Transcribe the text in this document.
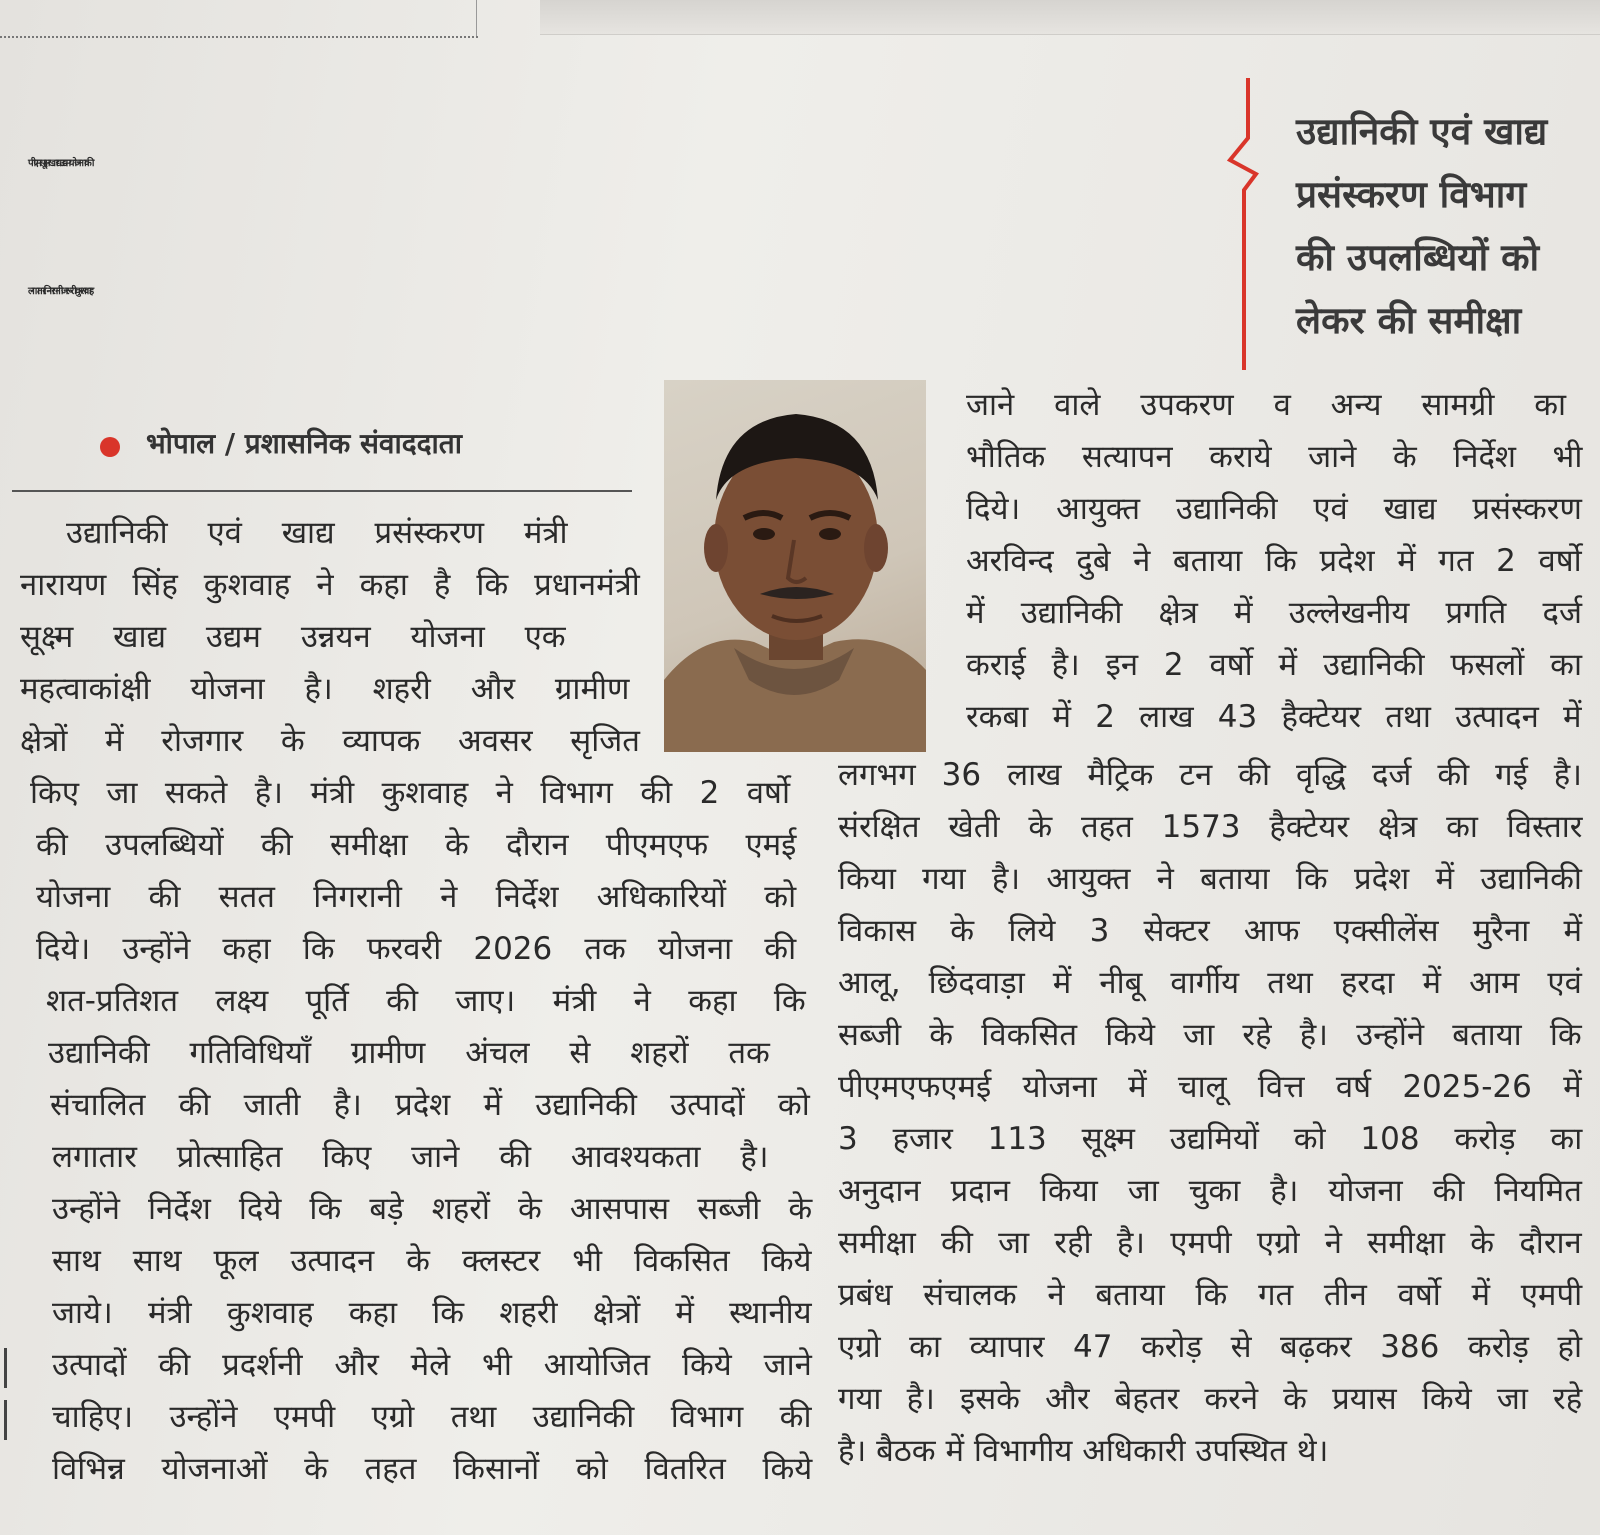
पीएम सूक्ष्म खाद्य उद्यम योजना की
लगातार निगरानी जरूरी: कुशवाह
उद्यानिकी एवं खाद्य
प्रसंस्करण विभाग
की उपलब्धियों को
लेकर की समीक्षा
भोपाल / प्रशासनिक संवाददाता
उद्यानिकी एवं खाद्य प्रसंस्करण मंत्री
नारायण सिंह कुशवाह ने कहा है कि प्रधानमंत्री
सूक्ष्म खाद्य उद्यम उन्नयन योजना एक
महत्वाकांक्षी योजना है। शहरी और ग्रामीण
क्षेत्रों में रोजगार के व्यापक अवसर सृजित
किए जा सकते है। मंत्री कुशवाह ने विभाग की 2 वर्षो
की उपलब्धियों की समीक्षा के दौरान पीएमएफ एमई
योजना की सतत निगरानी ने निर्देश अधिकारियों को
दिये। उन्होंने कहा कि फरवरी 2026 तक योजना की
शत-प्रतिशत लक्ष्य पूर्ति की जाए। मंत्री ने कहा कि
उद्यानिकी गतिविधियाँ ग्रामीण अंचल से शहरों तक
संचालित की जाती है। प्रदेश में उद्यानिकी उत्पादों को
लगातार प्रोत्साहित किए जाने की आवश्यकता है।
उन्होंने निर्देश दिये कि बड़े शहरों के आसपास सब्जी के
साथ साथ फूल उत्पादन के क्लस्टर भी विकसित किये
जाये। मंत्री कुशवाह कहा कि शहरी क्षेत्रों में स्थानीय
उत्पादों की प्रदर्शनी और मेले भी आयोजित किये जाने
चाहिए। उन्होंने एमपी एग्रो तथा उद्यानिकी विभाग की
विभिन्न योजनाओं के तहत किसानों को वितरित किये
जाने वाले उपकरण व अन्य सामग्री का
भौतिक सत्यापन कराये जाने के निर्देश भी
दिये। आयुक्त उद्यानिकी एवं खाद्य प्रसंस्करण
अरविन्द दुबे ने बताया कि प्रदेश में गत 2 वर्षो
में उद्यानिकी क्षेत्र में उल्लेखनीय प्रगति दर्ज
कराई है। इन 2 वर्षो में उद्यानिकी फसलों का
रकबा में 2 लाख 43 हैक्टेयर तथा उत्पादन में
लगभग 36 लाख मैट्रिक टन की वृद्धि दर्ज की गई है।
संरक्षित खेती के तहत 1573 हैक्टेयर क्षेत्र का विस्तार
किया गया है। आयुक्त ने बताया कि प्रदेश में उद्यानिकी
विकास के लिये 3 सेक्टर आफ एक्सीलेंस मुरैना में
आलू, छिंदवाड़ा में नीबू वार्गीय तथा हरदा में आम एवं
सब्जी के विकसित किये जा रहे है। उन्होंने बताया कि
पीएमएफएमई योजना में चालू वित्त वर्ष 2025-26 में
3 हजार 113 सूक्ष्म उद्यमियों को 108 करोड़ का
अनुदान प्रदान किया जा चुका है। योजना की नियमित
समीक्षा की जा रही है। एमपी एग्रो ने समीक्षा के दौरान
प्रबंध संचालक ने बताया कि गत तीन वर्षो में एमपी
एग्रो का व्यापार 47 करोड़ से बढ़कर 386 करोड़ हो
गया है। इसके और बेहतर करने के प्रयास किये जा रहे
है। बैठक में विभागीय अधिकारी उपस्थित थे।
